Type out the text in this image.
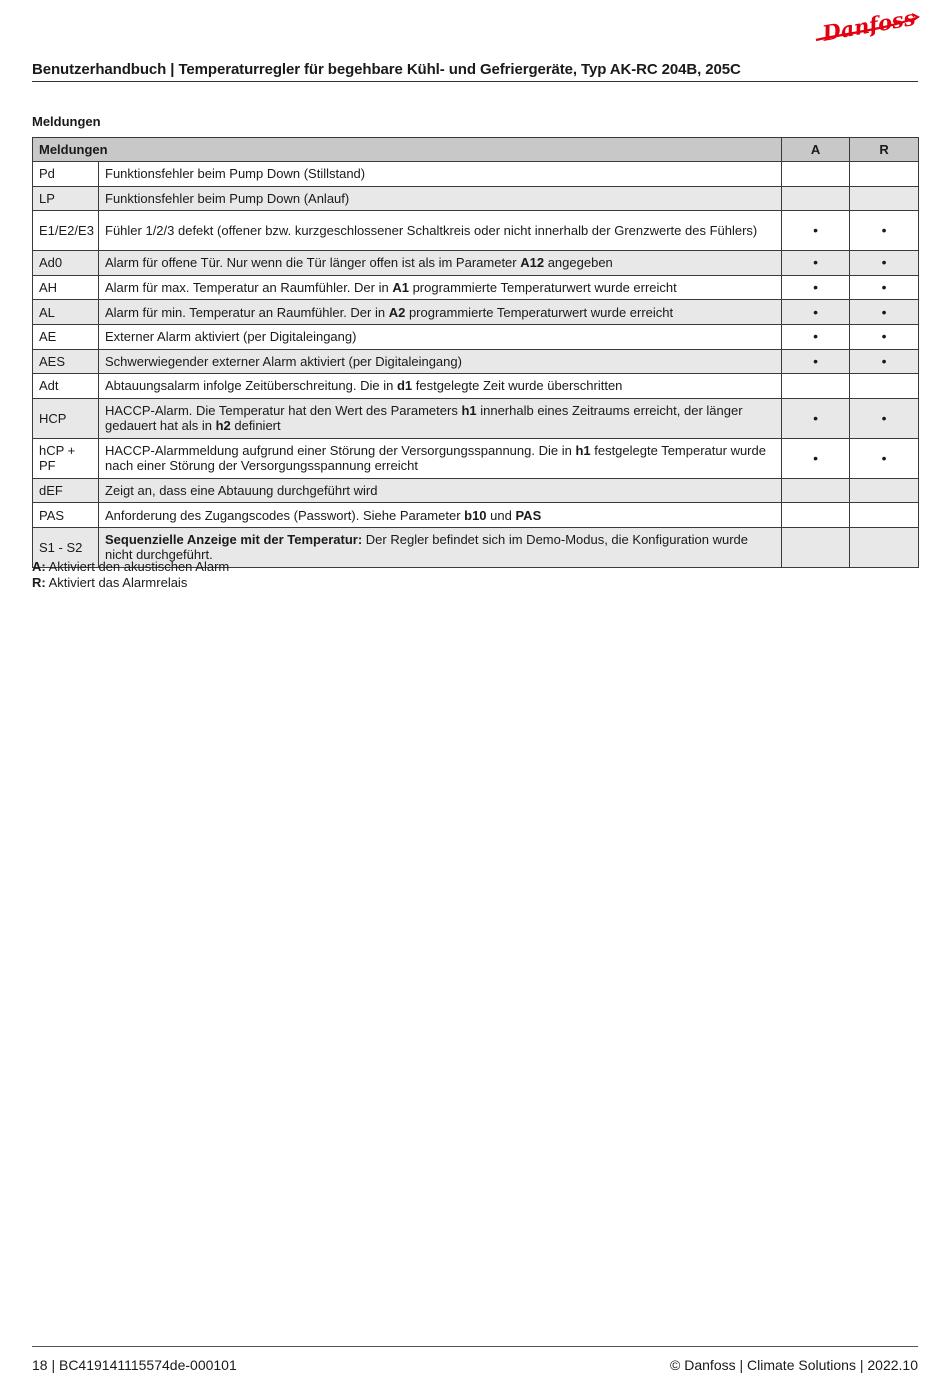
Danfoss
Benutzerhandbuch | Temperaturregler für begehbare Kühl- und Gefriergeräte, Typ AK-RC 204B, 205C
Meldungen
Meldungen		A	R
Pd	Funktionsfehler beim Pump Down (Stillstand)		
LP	Funktionsfehler beim Pump Down (Anlauf)		
E1/E2/E3	Fühler 1/2/3 defekt (offener bzw. kurzgeschlossener Schaltkreis oder nicht innerhalb der Grenzwerte des Fühlers)	•	•
Ad0	Alarm für offene Tür. Nur wenn die Tür länger offen ist als im Parameter A12 angegeben	•	•
AH	Alarm für max. Temperatur an Raumfühler. Der in A1 programmierte Temperaturwert wurde erreicht	•	•
AL	Alarm für min. Temperatur an Raumfühler. Der in A2 programmierte Temperaturwert wurde erreicht	•	•
AE	Externer Alarm aktiviert (per Digitaleingang)	•	•
AES	Schwerwiegender externer Alarm aktiviert (per Digitaleingang)	•	•
Adt	Abtauungsalarm infolge Zeitüberschreitung. Die in d1 festgelegte Zeit wurde überschritten		
HCP	HACCP-Alarm. Die Temperatur hat den Wert des Parameters h1 innerhalb eines Zeitraums erreicht, der länger gedauert hat als in h2 definiert	•	•
hCP + PF	HACCP-Alarmmeldung aufgrund einer Störung der Versorgungsspannung. Die in h1 festgelegte Temperatur wurde nach einer Störung der Versorgungsspannung erreicht	•	•
dEF	Zeigt an, dass eine Abtauung durchgeführt wird		
PAS	Anforderung des Zugangscodes (Passwort). Siehe Parameter b10 und PAS		
S1 - S2	Sequenzielle Anzeige mit der Temperatur: Der Regler befindet sich im Demo-Modus, die Konfiguration wurde nicht durchgeführt.		
A: Aktiviert den akustischen Alarm
R: Aktiviert das Alarmrelais
18 | BC419141115574de-000101	© Danfoss | Climate Solutions | 2022.10
